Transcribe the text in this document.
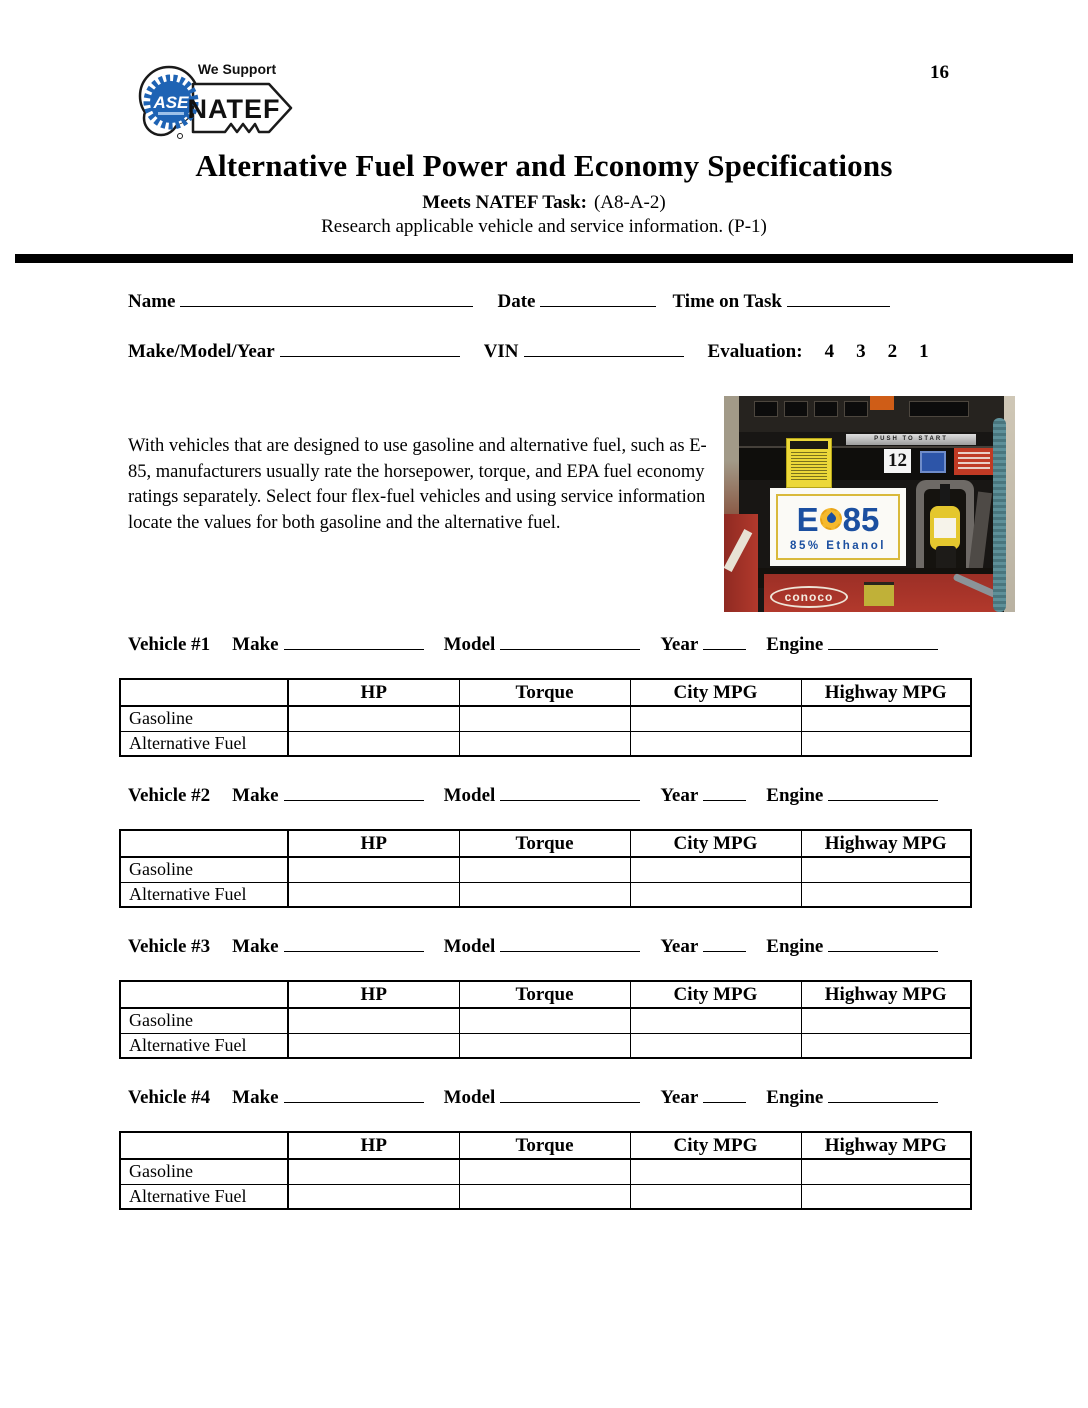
16
ASE
We Support
NATEF
Alternative Fuel Power and Economy Specifications
Meets NATEF Task: (A8-A-2)
Research applicable vehicle and service information. (P-1)
Name	Date	Time on Task
Make/Model/Year	VIN	Evaluation: 4 3 2 1
With vehicles that are designed to use gasoline and alternative fuel, such as E-85, manufacturers usually rate the horsepower, torque, and EPA fuel economy ratings separately. Select four flex-fuel vehicles and using service information locate the values for both gasoline and the alternative fuel.
PUSH TO START
12
E 85
85% Ethanol
conoco
Vehicle #1 Make	Model	Year	Engine
	HP	Torque	City MPG	Highway MPG
Gasoline				
Alternative Fuel				
Vehicle #2 Make	Model	Year	Engine
	HP	Torque	City MPG	Highway MPG
Gasoline				
Alternative Fuel				
Vehicle #3 Make	Model	Year	Engine
	HP	Torque	City MPG	Highway MPG
Gasoline				
Alternative Fuel				
Vehicle #4 Make	Model	Year	Engine
	HP	Torque	City MPG	Highway MPG
Gasoline				
Alternative Fuel				
